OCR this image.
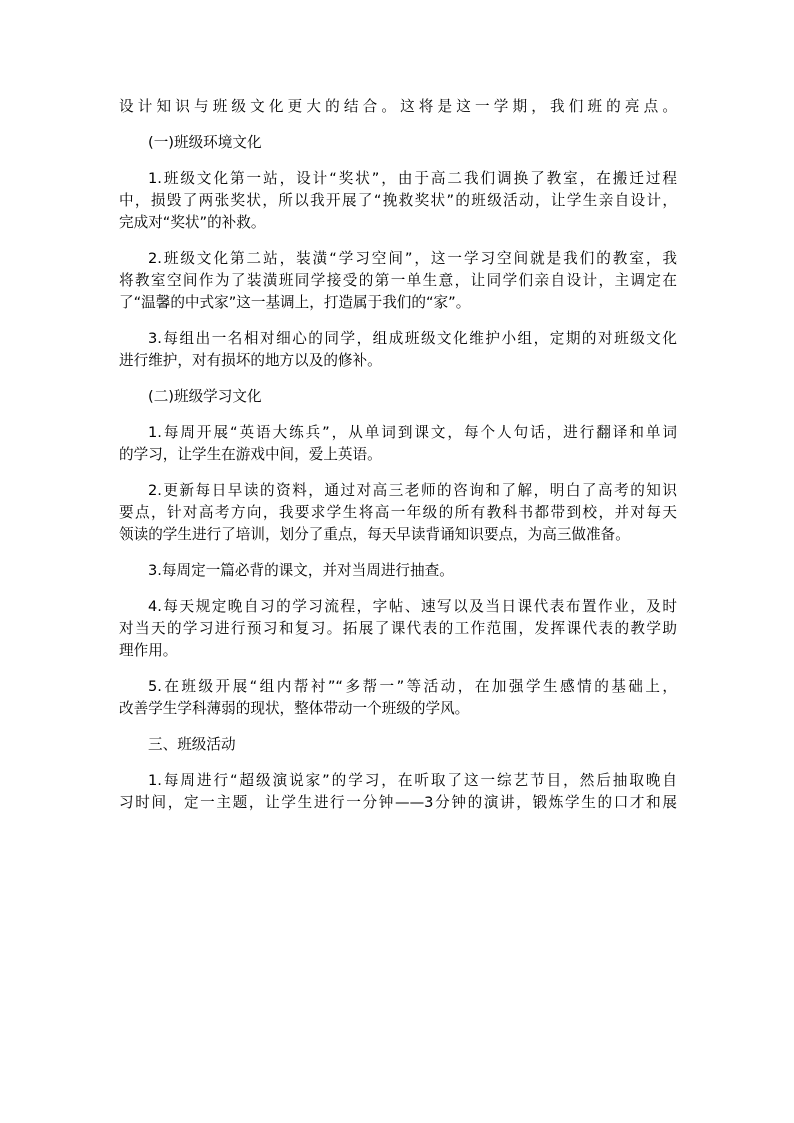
设计知识与班级文化更大的结合。这将是这一学期，我们班的亮点。
(一)班级环境文化
1.班级文化第一站，设计“奖状”，由于高二我们调换了教室，在搬迁过程
中，损毁了两张奖状，所以我开展了“挽救奖状”的班级活动，让学生亲自设计，
完成对“奖状”的补救。
2.班级文化第二站，装潢“学习空间”，这一学习空间就是我们的教室，我
将教室空间作为了装潢班同学接受的第一单生意，让同学们亲自设计，主调定在
了“温馨的中式家”这一基调上，打造属于我们的“家”。
3.每组出一名相对细心的同学，组成班级文化维护小组，定期的对班级文化
进行维护，对有损坏的地方以及的修补。
(二)班级学习文化
1.每周开展“英语大练兵”，从单词到课文，每个人句话，进行翻译和单词
的学习，让学生在游戏中间，爱上英语。
2.更新每日早读的资料，通过对高三老师的咨询和了解，明白了高考的知识
要点，针对高考方向，我要求学生将高一年级的所有教科书都带到校，并对每天
领读的学生进行了培训，划分了重点，每天早读背诵知识要点，为高三做准备。
3.每周定一篇必背的课文，并对当周进行抽查。
4.每天规定晚自习的学习流程，字帖、速写以及当日课代表布置作业，及时
对当天的学习进行预习和复习。拓展了课代表的工作范围，发挥课代表的教学助
理作用。
5.在班级开展“组内帮衬”“多帮一”等活动，在加强学生感情的基础上，
改善学生学科薄弱的现状，整体带动一个班级的学风。
三、班级活动
1.每周进行“超级演说家”的学习，在听取了这一综艺节目，然后抽取晚自
习时间，定一主题，让学生进行一分钟——3分钟的演讲，锻炼学生的口才和展
